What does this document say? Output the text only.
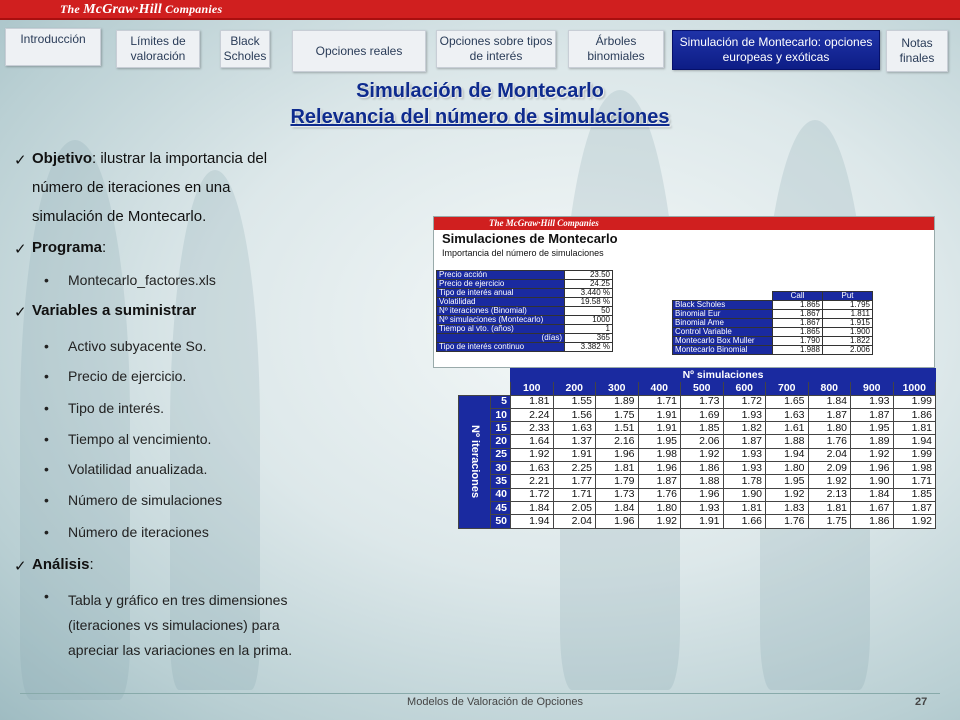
The McGraw·Hill Companies
Introducción	Límites de valoración
Black Scholes	Opciones reales
Opciones sobre tipos de interés
Árboles binomiales
Simulación de Montecarlo: opciones europeas y exóticas
Notas finales
Simulación de Montecarlo
Relevancia del número de simulaciones
✓ Objetivo: ilustrar la importancia del
número de iteraciones en una
simulación de Montecarlo.
✓ Programa:
• Montecarlo_factores.xls
✓ Variables a suministrar
• Activo subyacente So.
• Precio de ejercicio.
• Tipo de interés.
• Tiempo al vencimiento.
• Volatilidad anualizada.
• Número de simulaciones
• Número de iteraciones
✓ Análisis:
• Tabla y gráfico en tres dimensiones
(iteraciones vs simulaciones) para
apreciar las variaciones en la prima.
The McGraw·Hill Companies
Simulaciones de Montecarlo
Importancia del número de simulaciones
Precio acción	23.50
Precio de ejercicio	24.25
Tipo de interés anual	3.440 %
Volatilidad	19.58 %
Nº iteraciones (Binomial)	50
Nº simulaciones (Montecarlo)	1000
Tiempo al vto. (años)	1
(días)	365
Tipo de interés continuo	3.382 %
	Call	Put
Black Scholes	1.865	1.795
Binomial Eur	1.867	1.811
Binomial Ame	1.867	1.915
Control Variable	1.865	1.900
Montecarlo Box Muller	1.790	1.822
Montecarlo Binomial	1.988	2.006
		Nº simulaciones									
		100	200	300	400	500	600	700	800	900	1000

Nº iteraciones	5	1.81	1.55	1.89	1.71	1.73	1.72	1.65	1.84	1.93	1.99
	10	2.24	1.56	1.75	1.91	1.69	1.93	1.63	1.87	1.87	1.86
	15	2.33	1.63	1.51	1.91	1.85	1.82	1.61	1.80	1.95	1.81
	20	1.64	1.37	2.16	1.95	2.06	1.87	1.88	1.76	1.89	1.94
	25	1.92	1.91	1.96	1.98	1.92	1.93	1.94	2.04	1.92	1.99
	30	1.63	2.25	1.81	1.96	1.86	1.93	1.80	2.09	1.96	1.98
	35	2.21	1.77	1.79	1.87	1.88	1.78	1.95	1.92	1.90	1.71
	40	1.72	1.71	1.73	1.76	1.96	1.90	1.92	2.13	1.84	1.85
	45	1.84	2.05	1.84	1.80	1.93	1.81	1.83	1.81	1.67	1.87
	50	1.94	2.04	1.96	1.92	1.91	1.66	1.76	1.75	1.86	1.92
Modelos de Valoración de Opciones	27
